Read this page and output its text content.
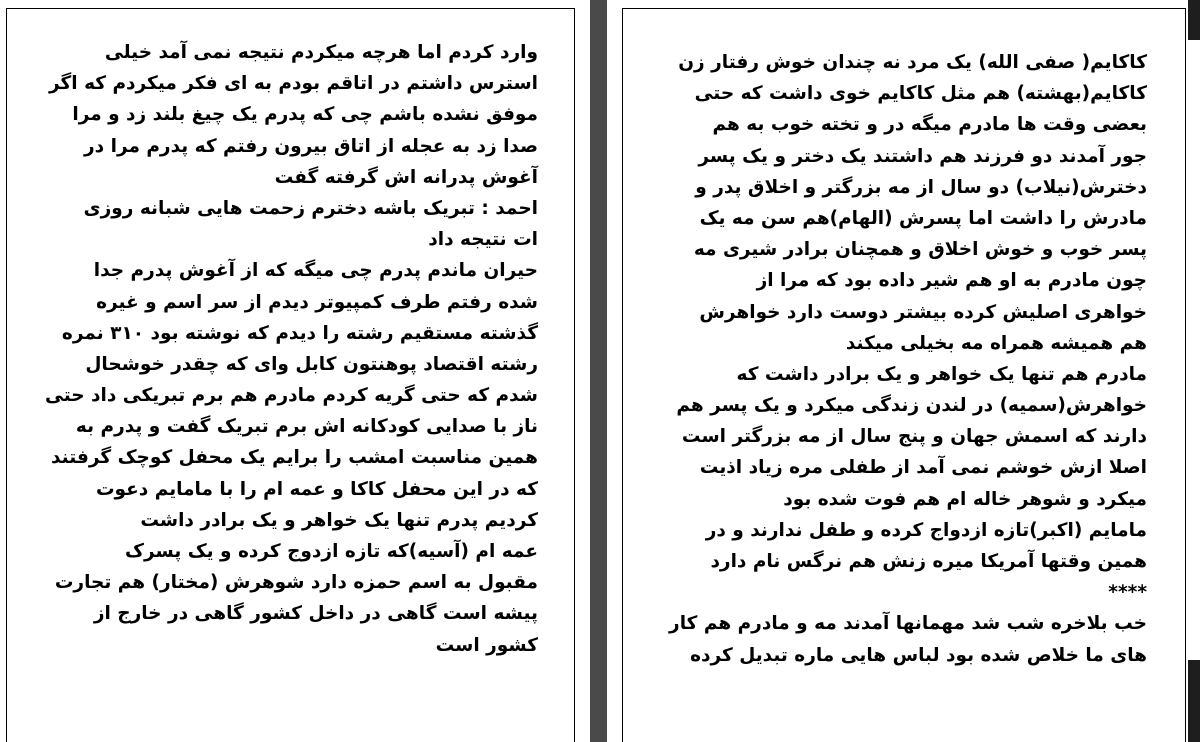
وارد کردم اما هرچه میکردم نتیجه نمی آمد خیلی
استرس داشتم در اتاقم بودم به ای فکر میکردم که اگر
موفق نشده باشم چی که پدرم یک چیغ بلند زد و مرا
صدا زد به عجله از اتاق بیرون رفتم که پدرم مرا در
آغوش پدرانه اش گرفته گفت
احمد : تبریک باشه دخترم زحمت هایی شبانه روزی
ات نتیجه داد
حیران ماندم پدرم چی میگه که از آغوش پدرم جدا
شده رفتم طرف کمپیوتر دیدم از سر اسم و غیره
گذشته مستقیم رشته را دیدم که نوشته بود ۳۱۰ نمره
رشته اقتصاد پوهنتون کابل وای که چقدر خوشحال
شدم که حتی گریه کردم مادرم هم برم تبریکی داد حتی
ناز با صدایی کودکانه اش برم تبریک گفت و پدرم به
همین مناسبت امشب را برایم یک محفل کوچک گرفتند
که در این محفل کاکا و عمه ام را با مامایم دعوت
کردیم پدرم تنها یک خواهر و یک برادر داشت
عمه ام (آسیه)که تازه ازدوج کرده و یک پسرک
مقبول به اسم حمزه دارد شوهرش (مختار) هم تجارت
پیشه است گاهی در داخل کشور گاهی در خارج از
کشور است
کاکایم( صفی الله) یک مرد نه چندان خوش رفتار زن
کاکایم(بهشته) هم مثل کاکایم خوی داشت که حتی
بعضی وقت ها مادرم میگه در و تخته خوب به هم
جور آمدند دو فرزند هم داشتند یک دختر و یک پسر
دخترش(نیلاب) دو سال از مه بزرگتر و اخلاق پدر و
مادرش را داشت اما پسرش (الهام)هم سن مه یک
پسر خوب و خوش اخلاق و همچنان برادر شیری مه
چون مادرم به او هم شیر داده بود که مرا از
خواهری اصلیش کرده بیشتر دوست دارد خواهرش
هم همیشه همراه مه بخیلی میکند
مادرم هم تنها یک خواهر و یک برادر داشت که
خواهرش(سمیه) در لندن زندگی میکرد و یک پسر هم
دارند که اسمش جهان و پنج سال از مه بزرگتر است
اصلا ازش خوشم نمی آمد از طفلی مره زیاد اذیت
میکرد و شوهر خاله ام هم فوت شده بود
مامایم (اکبر)تازه ازدواج کرده و طفل ندارند و در
همین وقتها آمریکا میره زنش هم نرگس نام دارد
****
خب بلاخره شب شد مهمانها آمدند مه و مادرم هم کار
های ما خلاص شده بود لباس هایی ماره تبدیل کرده
